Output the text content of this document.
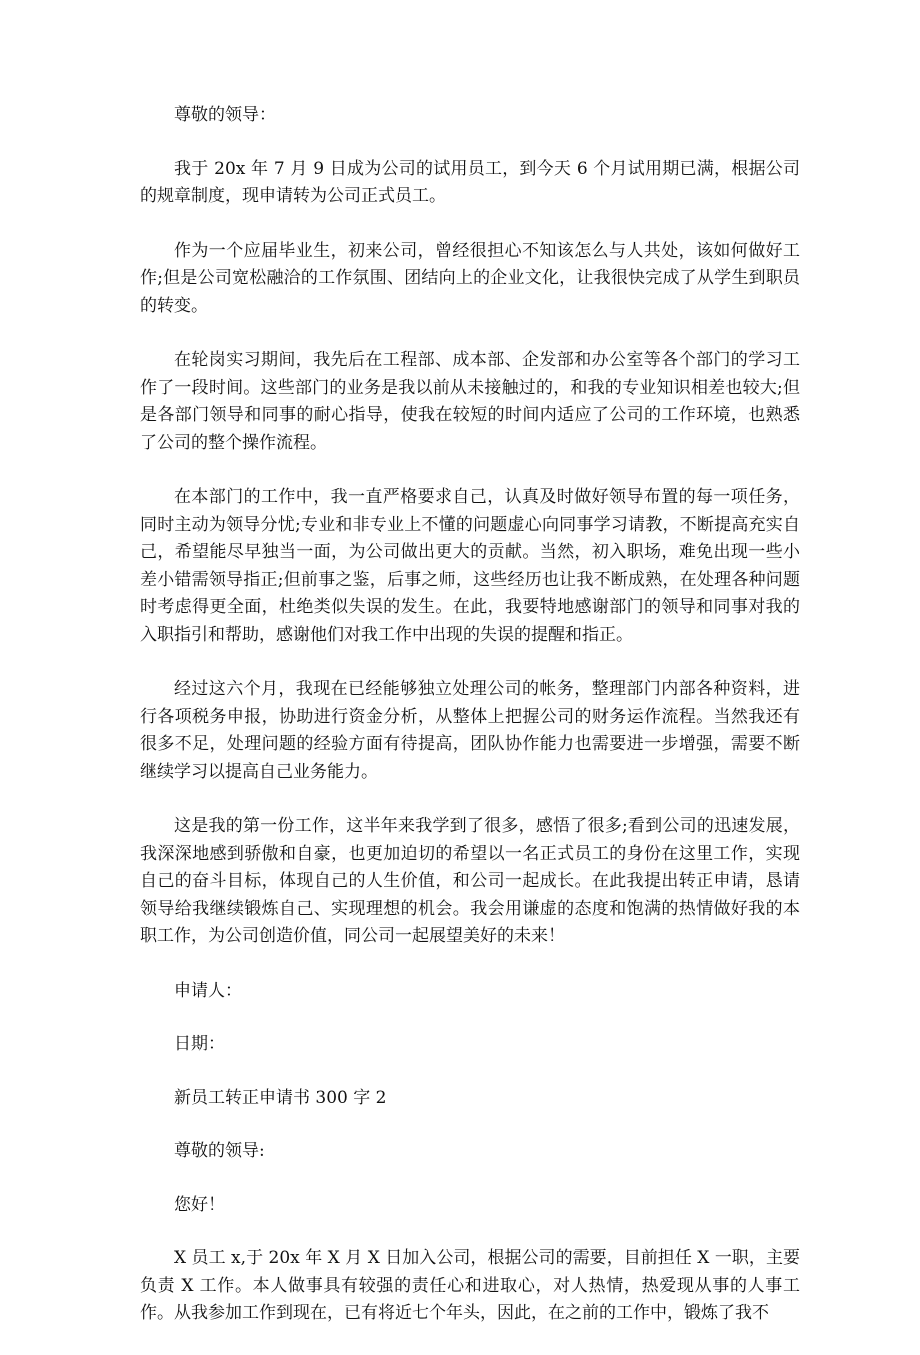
尊敬的领导：

我于 20x 年 7 月 9 日成为公司的试用员工，到今天 6 个月试用期已满，根据公司的规章制度，现申请转为公司正式员工。

作为一个应届毕业生，初来公司，曾经很担心不知该怎么与人共处，该如何做好工作;但是公司宽松融洽的工作氛围、团结向上的企业文化，让我很快完成了从学生到职员的转变。

在轮岗实习期间，我先后在工程部、成本部、企发部和办公室等各个部门的学习工作了一段时间。这些部门的业务是我以前从未接触过的，和我的专业知识相差也较大;但是各部门领导和同事的耐心指导，使我在较短的时间内适应了公司的工作环境，也熟悉了公司的整个操作流程。

在本部门的工作中，我一直严格要求自己，认真及时做好领导布置的每一项任务，同时主动为领导分忧;专业和非专业上不懂的问题虚心向同事学习请教，不断提高充实自己，希望能尽早独当一面，为公司做出更大的贡献。当然，初入职场，难免出现一些小差小错需领导指正;但前事之鉴，后事之师，这些经历也让我不断成熟，在处理各种问题时考虑得更全面，杜绝类似失误的发生。在此，我要特地感谢部门的领导和同事对我的入职指引和帮助，感谢他们对我工作中出现的失误的提醒和指正。

经过这六个月，我现在已经能够独立处理公司的帐务，整理部门内部各种资料，进行各项税务申报，协助进行资金分析，从整体上把握公司的财务运作流程。当然我还有很多不足，处理问题的经验方面有待提高，团队协作能力也需要进一步增强，需要不断继续学习以提高自己业务能力。

这是我的第一份工作，这半年来我学到了很多，感悟了很多;看到公司的迅速发展，我深深地感到骄傲和自豪，也更加迫切的希望以一名正式员工的身份在这里工作，实现自己的奋斗目标，体现自己的人生价值，和公司一起成长。在此我提出转正申请，恳请领导给我继续锻炼自己、实现理想的机会。我会用谦虚的态度和饱满的热情做好我的本职工作，为公司创造价值，同公司一起展望美好的未来！

申请人：

日期：

新员工转正申请书 300 字 2

尊敬的领导:

您好！

X 员工 x,于 20x 年 X 月 X 日加入公司，根据公司的需要，目前担任 X 一职，主要负责 X 工作。本人做事具有较强的责任心和进取心，对人热情，热爱现从事的人事工作。从我参加工作到现在，已有将近七个年头，因此，在之前的工作中，锻炼了我不
